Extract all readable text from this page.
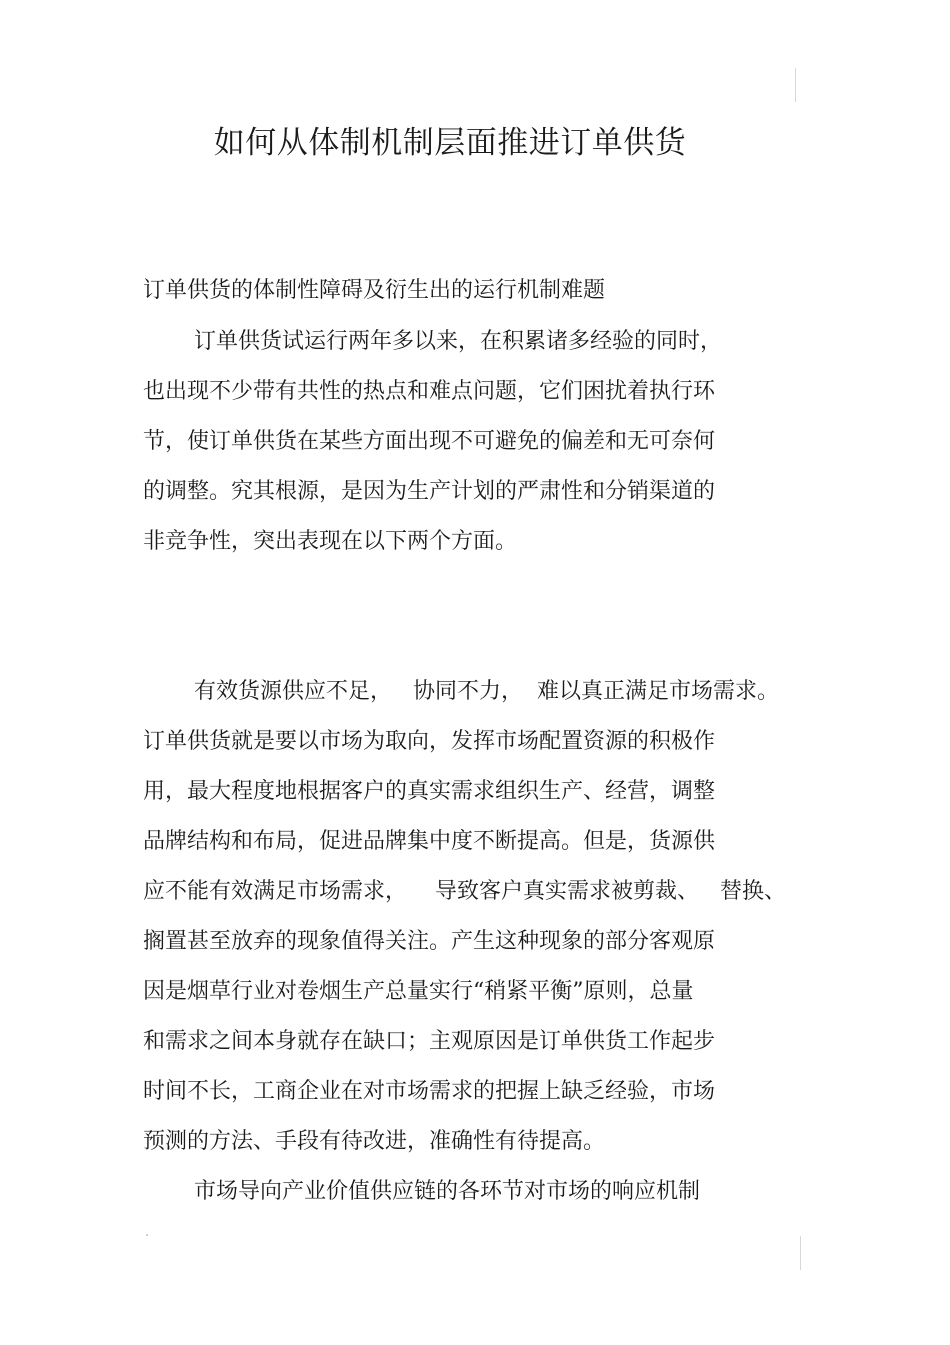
如何从体制机制层面推进订单供货

订单供货的体制性障碍及衍生出的运行机制难题

订单供货试运行两年多以来，在积累诸多经验的同时，

也出现不少带有共性的热点和难点问题，它们困扰着执行环

节，使订单供货在某些方面出现不可避免的偏差和无可奈何

的调整。究其根源，是因为生产计划的严肃性和分销渠道的

非竞争性，突出表现在以下两个方面。

有效货源供应不足，   协同不力，  难以真正满足市场需求。

订单供货就是要以市场为取向，发挥市场配置资源的积极作

用，最大程度地根据客户的真实需求组织生产、经营，调整

品牌结构和布局，促进品牌集中度不断提高。但是，货源供

应不能有效满足市场需求，    导致客户真实需求被剪裁、   替换、

搁置甚至放弃的现象值得关注。产生这种现象的部分客观原

因是烟草行业对卷烟生产总量实行“稍紧平衡”原则，总量

和需求之间本身就存在缺口；主观原因是订单供货工作起步

时间不长，工商企业在对市场需求的把握上缺乏经验，市场

预测的方法、手段有待改进，准确性有待提高。

市场导向产业价值供应链的各环节对市场的响应机制
